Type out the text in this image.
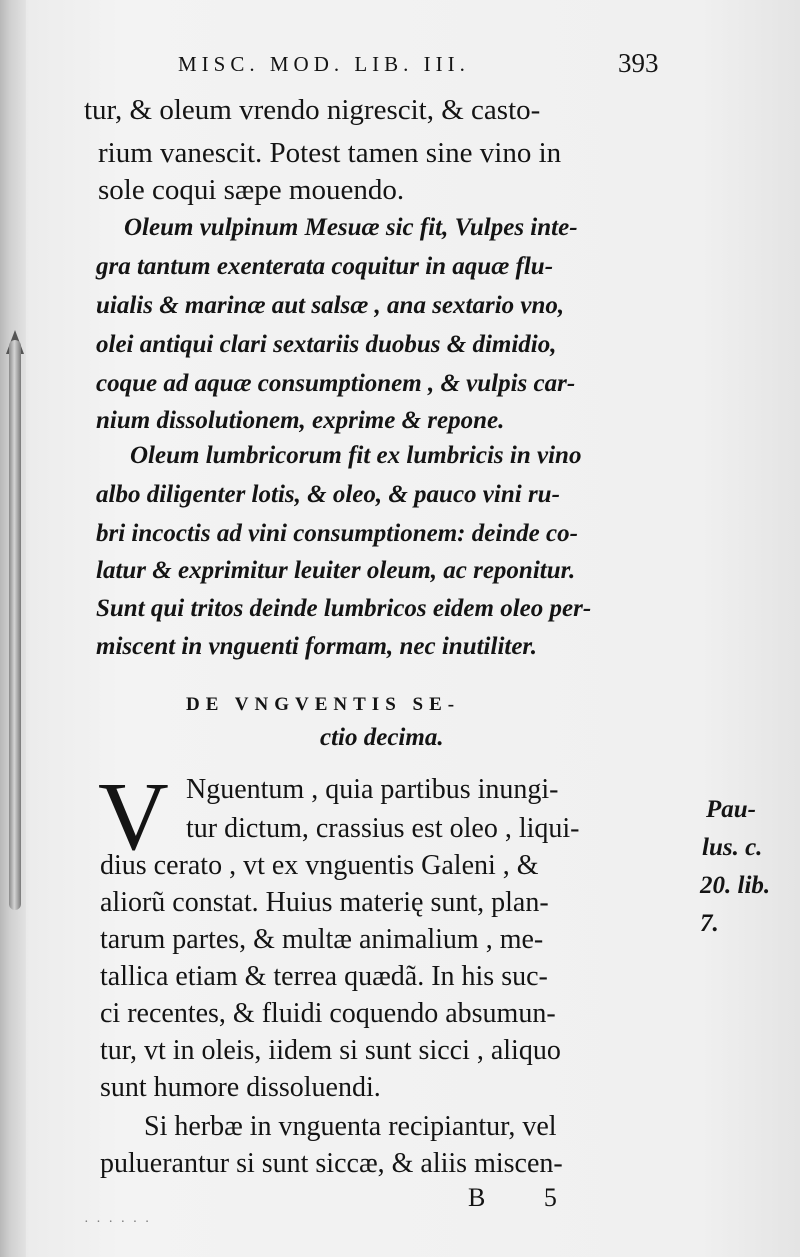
MISC. MOD. LIB. III.	393
tur, & oleum vrendo nigrescit, & casto-
rium vanescit. Potest tamen sine vino in
sole coqui sæpe mouendo.
Oleum vulpinum Mesuæ sic fit, Vulpes inte-
gra tantum exenterata coquitur in aquæ flu-
uialis & marinæ aut salsæ , ana sextario vno,
olei antiqui clari sextariis duobus & dimidio,
coque ad aquæ consumptionem , & vulpis car-
nium dissolutionem, exprime & repone.
Oleum lumbricorum fit ex lumbricis in vino
albo diligenter lotis, & oleo, & pauco vini ru-
bri incoctis ad vini consumptionem: deinde co-
latur & exprimitur leuiter oleum, ac reponitur.
Sunt qui tritos deinde lumbricos eidem oleo per-
miscent in vnguenti formam, nec inutiliter.
DE VNGVENTIS SE-
ctio decima.
V Nguentum , quia partibus inungi-
tur dictum, crassius est oleo , liqui-
dius cerato , vt ex vnguentis Galeni , &
aliorũ constat. Huius materię sunt, plan-
tarum partes, & multæ animalium , me-
tallica etiam & terrea quædã. In his suc-
ci recentes, & fluidi coquendo absumun-
tur, vt in oleis, iidem si sunt sicci , aliquo
sunt humore dissoluendi.
Si herbæ in vnguenta recipiantur, vel
puluerantur si sunt siccæ, & aliis miscen-
Pau-
lus. c.
20. lib.
7.
B 5
· · · · · ·
